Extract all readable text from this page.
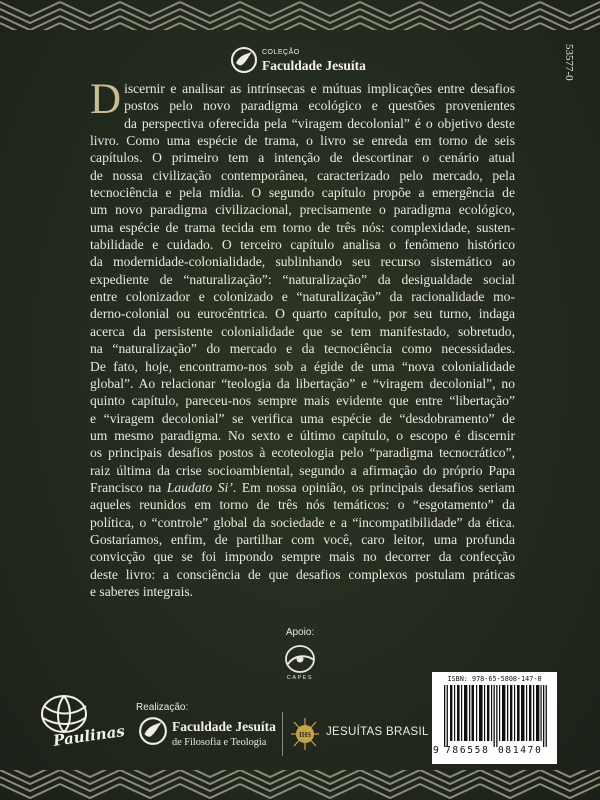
COLEÇÃO
Faculdade Jesuíta	53577-0
D iscernir e analisar as intrínsecas e mútuas implicações entre desafios
postos pelo novo paradigma ecológico e questões provenientes
da perspectiva oferecida pela “viragem decolonial” é o objetivo deste
livro. Como uma espécie de trama, o livro se enreda em torno de seis
capítulos. O primeiro tem a intenção de descortinar o cenário atual
de nossa civilização contemporânea, caracterizado pelo mercado, pela
tecnociência e pela mídia. O segundo capítulo propõe a emergência de
um novo paradigma civilizacional, precisamente o paradigma ecológico,
uma espécie de trama tecida em torno de três nós: complexidade, susten-
tabilidade e cuidado. O terceiro capítulo analisa o fenômeno histórico
da modernidade-colonialidade, sublinhando seu recurso sistemático ao
expediente de “naturalização”: “naturalização” da desigualdade social
entre colonizador e colonizado e “naturalização” da racionalidade mo-
derno-colonial ou eurocêntrica. O quarto capítulo, por seu turno, indaga
acerca da persistente colonialidade que se tem manifestado, sobretudo,
na “naturalização” do mercado e da tecnociência como necessidades.
De fato, hoje, encontramo-nos sob a égide de uma “nova colonialidade
global”. Ao relacionar “teologia da libertação” e “viragem decolonial”, no
quinto capítulo, pareceu-nos sempre mais evidente que entre “libertação”
e “viragem decolonial” se verifica uma espécie de “desdobramento” de
um mesmo paradigma. No sexto e último capítulo, o escopo é discernir
os principais desafios postos à ecoteologia pelo “paradigma tecnocrático”,
raiz última da crise socioambiental, segundo a afirmação do próprio Papa
Francisco na Laudato Si’. Em nossa opinião, os principais desafios seriam
aqueles reunidos em torno de três nós temáticos: o “esgotamento” da
política, o “controle” global da sociedade e a “incompatibilidade” da ética.
Gostaríamos, enfim, de partilhar com você, caro leitor, uma profunda
convicção que se foi impondo sempre mais no decorrer da confecção
deste livro: a consciência de que desafios complexos postulam práticas
e saberes integrais.
Apoio:
CAPES	ISBN: 978-65-5808-147-0
9 786558 081470
Paulinas
Realização:
Faculdade Jesuíta
de Filosofia e Teologia
IHS JESUÍTAS BRASIL
